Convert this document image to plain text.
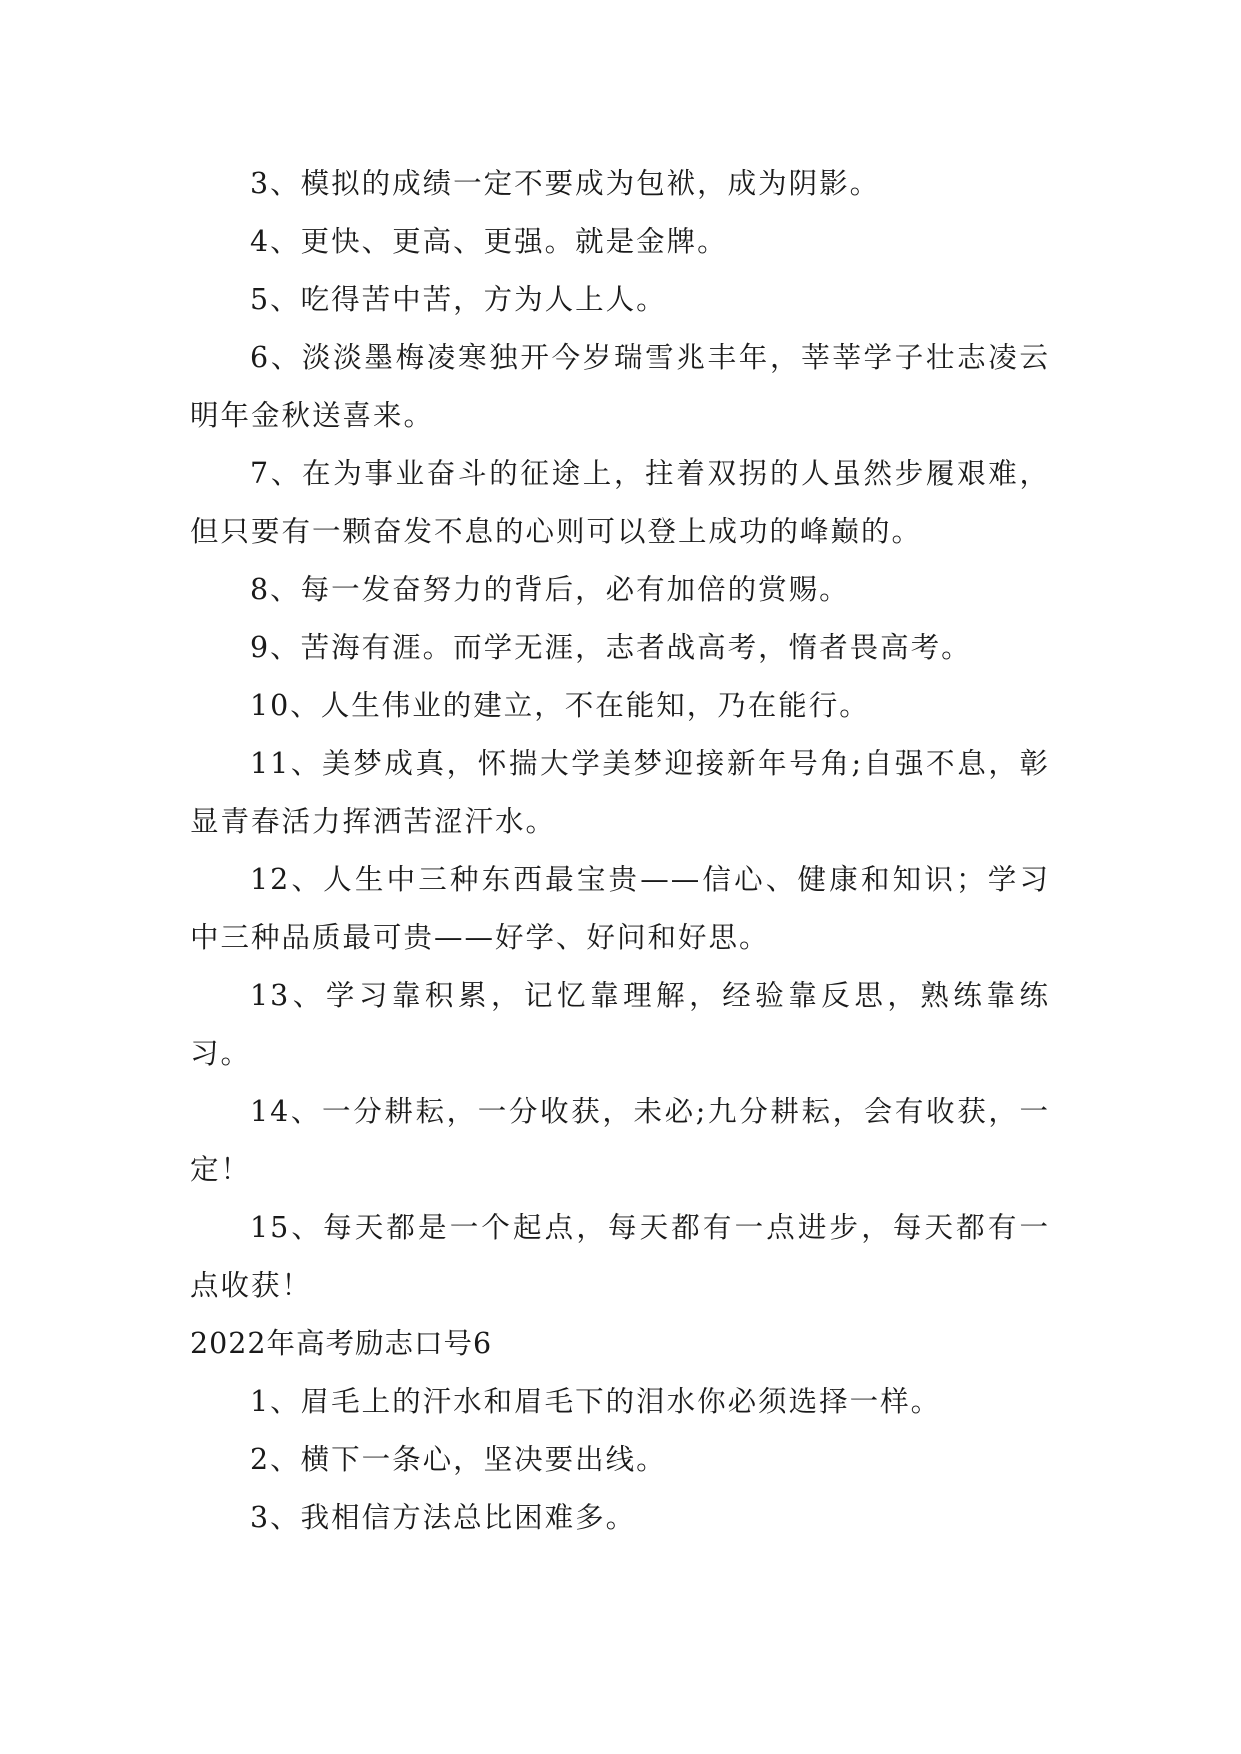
3、模拟的成绩一定不要成为包袱，成为阴影。

4、更快、更高、更强。就是金牌。

5、吃得苦中苦，方为人上人。

6、淡淡墨梅凌寒独开今岁瑞雪兆丰年，莘莘学子壮志凌云明年金秋送喜来。

7、在为事业奋斗的征途上，拄着双拐的人虽然步履艰难，但只要有一颗奋发不息的心则可以登上成功的峰巅的。

8、每一发奋努力的背后，必有加倍的赏赐。

9、苦海有涯。而学无涯，志者战高考，惰者畏高考。

10、人生伟业的建立，不在能知，乃在能行。

11、美梦成真，怀揣大学美梦迎接新年号角;自强不息，彰显青春活力挥洒苦涩汗水。

12、人生中三种东西最宝贵——信心、健康和知识；学习中三种品质最可贵——好学、好问和好思。

13、学习靠积累，记忆靠理解，经验靠反思，熟练靠练习。

14、一分耕耘，一分收获，未必;九分耕耘，会有收获，一定！

15、每天都是一个起点，每天都有一点进步，每天都有一点收获！

2022年高考励志口号6

1、眉毛上的汗水和眉毛下的泪水你必须选择一样。

2、横下一条心，坚决要出线。

3、我相信方法总比困难多。
